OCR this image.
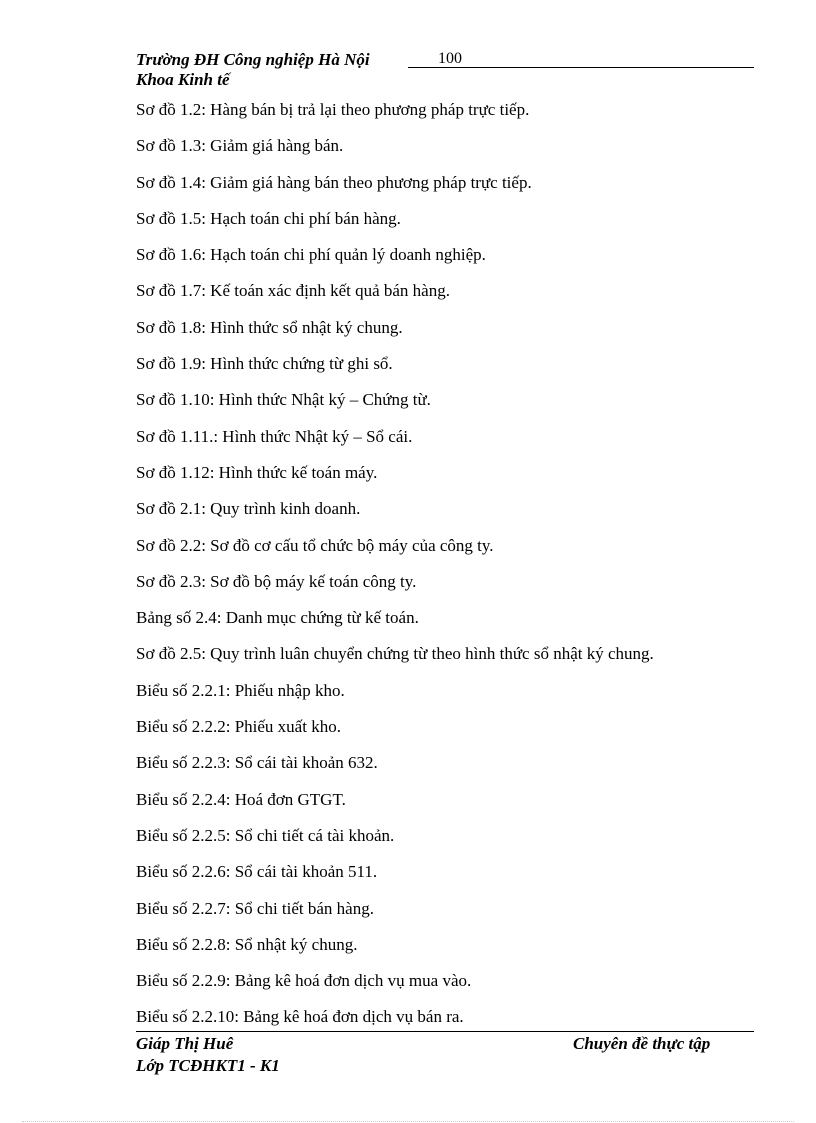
Trường ĐH Công nghiệp Hà Nội	100
Khoa Kinh tế
Sơ đồ 1.2: Hàng bán bị trả lại theo phương pháp trực tiếp.
Sơ đồ 1.3: Giảm giá hàng bán.
Sơ đồ 1.4: Giảm giá hàng bán theo phương pháp trực tiếp.
Sơ đồ 1.5: Hạch toán chi phí bán hàng.
Sơ đồ 1.6: Hạch toán chi phí quản lý doanh nghiệp.
Sơ đồ 1.7: Kế toán xác định kết quả bán hàng.
Sơ đồ 1.8: Hình thức sổ nhật ký chung.
Sơ đồ 1.9: Hình thức chứng từ ghi sổ.
Sơ đồ 1.10: Hình thức Nhật ký – Chứng từ.
Sơ đồ 1.11.: Hình thức Nhật ký – Sổ cái.
Sơ đồ 1.12: Hình thức kế toán máy.
Sơ đồ 2.1: Quy trình kinh doanh.
Sơ đồ 2.2: Sơ đồ cơ cấu tổ chức bộ máy của công ty.
Sơ đồ 2.3: Sơ đồ bộ máy kế toán công ty.
Bảng số 2.4: Danh mục chứng từ kế toán.
Sơ đồ 2.5: Quy trình luân chuyển chứng từ theo hình thức sổ nhật ký chung.
Biểu số 2.2.1: Phiếu nhập kho.
Biểu số 2.2.2: Phiếu xuất kho.
Biểu số 2.2.3: Sổ cái tài khoản 632.
Biểu số 2.2.4: Hoá đơn GTGT.
Biểu số 2.2.5: Sổ chi tiết cá tài khoản.
Biểu số 2.2.6: Sổ cái tài khoản 511.
Biểu số 2.2.7: Sổ chi tiết bán hàng.
Biểu số 2.2.8: Sổ nhật ký chung.
Biểu số 2.2.9: Bảng kê hoá đơn dịch vụ mua vào.
Biểu số 2.2.10: Bảng kê hoá đơn dịch vụ bán ra.
Giáp Thị Huê	Chuyên đề thực tập
Lớp TCĐHKT1 - K1
